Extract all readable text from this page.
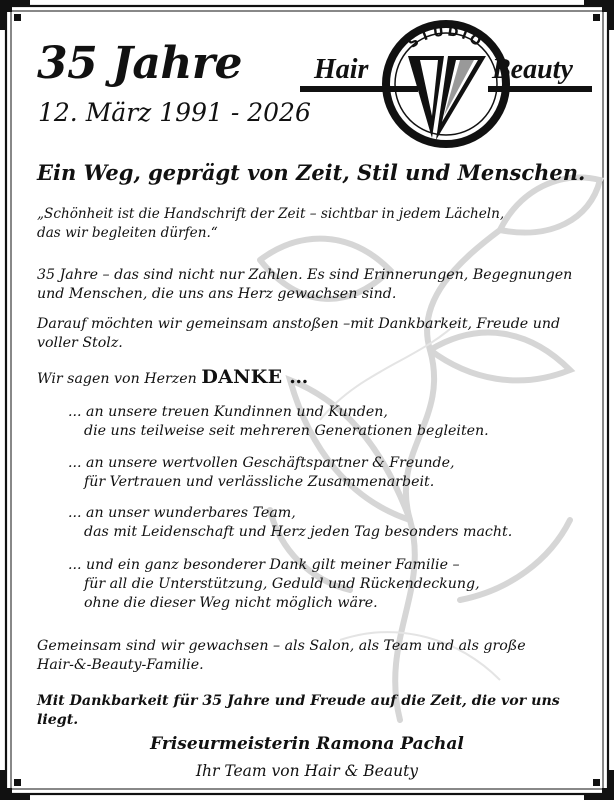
35 Jahre
12. März 1991 - 2026
Hair	Beauty
STUDIO
Ein Weg, geprägt von Zeit, Stil und Menschen.

„Schönheit ist die Handschrift der Zeit – sichtbar in jedem Lächeln,
das wir begleiten dürfen.“

35 Jahre – das sind nicht nur Zahlen. Es sind Erinnerungen, Begegnungen
und Menschen, die uns ans Herz gewachsen sind.

Darauf möchten wir gemeinsam anstoßen –mit Dankbarkeit, Freude und
voller Stolz.

Wir sagen von Herzen DANKE …

... an unsere treuen Kundinnen und Kunden,
die uns teilweise seit mehreren Generationen begleiten.
... an unsere wertvollen Geschäftspartner & Freunde,
für Vertrauen und verlässliche Zusammenarbeit.
... an unser wunderbares Team,
das mit Leidenschaft und Herz jeden Tag besonders macht.
... und ein ganz besonderer Dank gilt meiner Familie –
für all die Unterstützung, Geduld und Rückendeckung,
ohne die dieser Weg nicht möglich wäre.

Gemeinsam sind wir gewachsen – als Salon, als Team und als große
Hair-&-Beauty-Familie.

Mit Dankbarkeit für 35 Jahre und Freude auf die Zeit, die vor uns liegt.

Friseurmeisterin Ramona Pachal
Ihr Team von Hair & Beauty
